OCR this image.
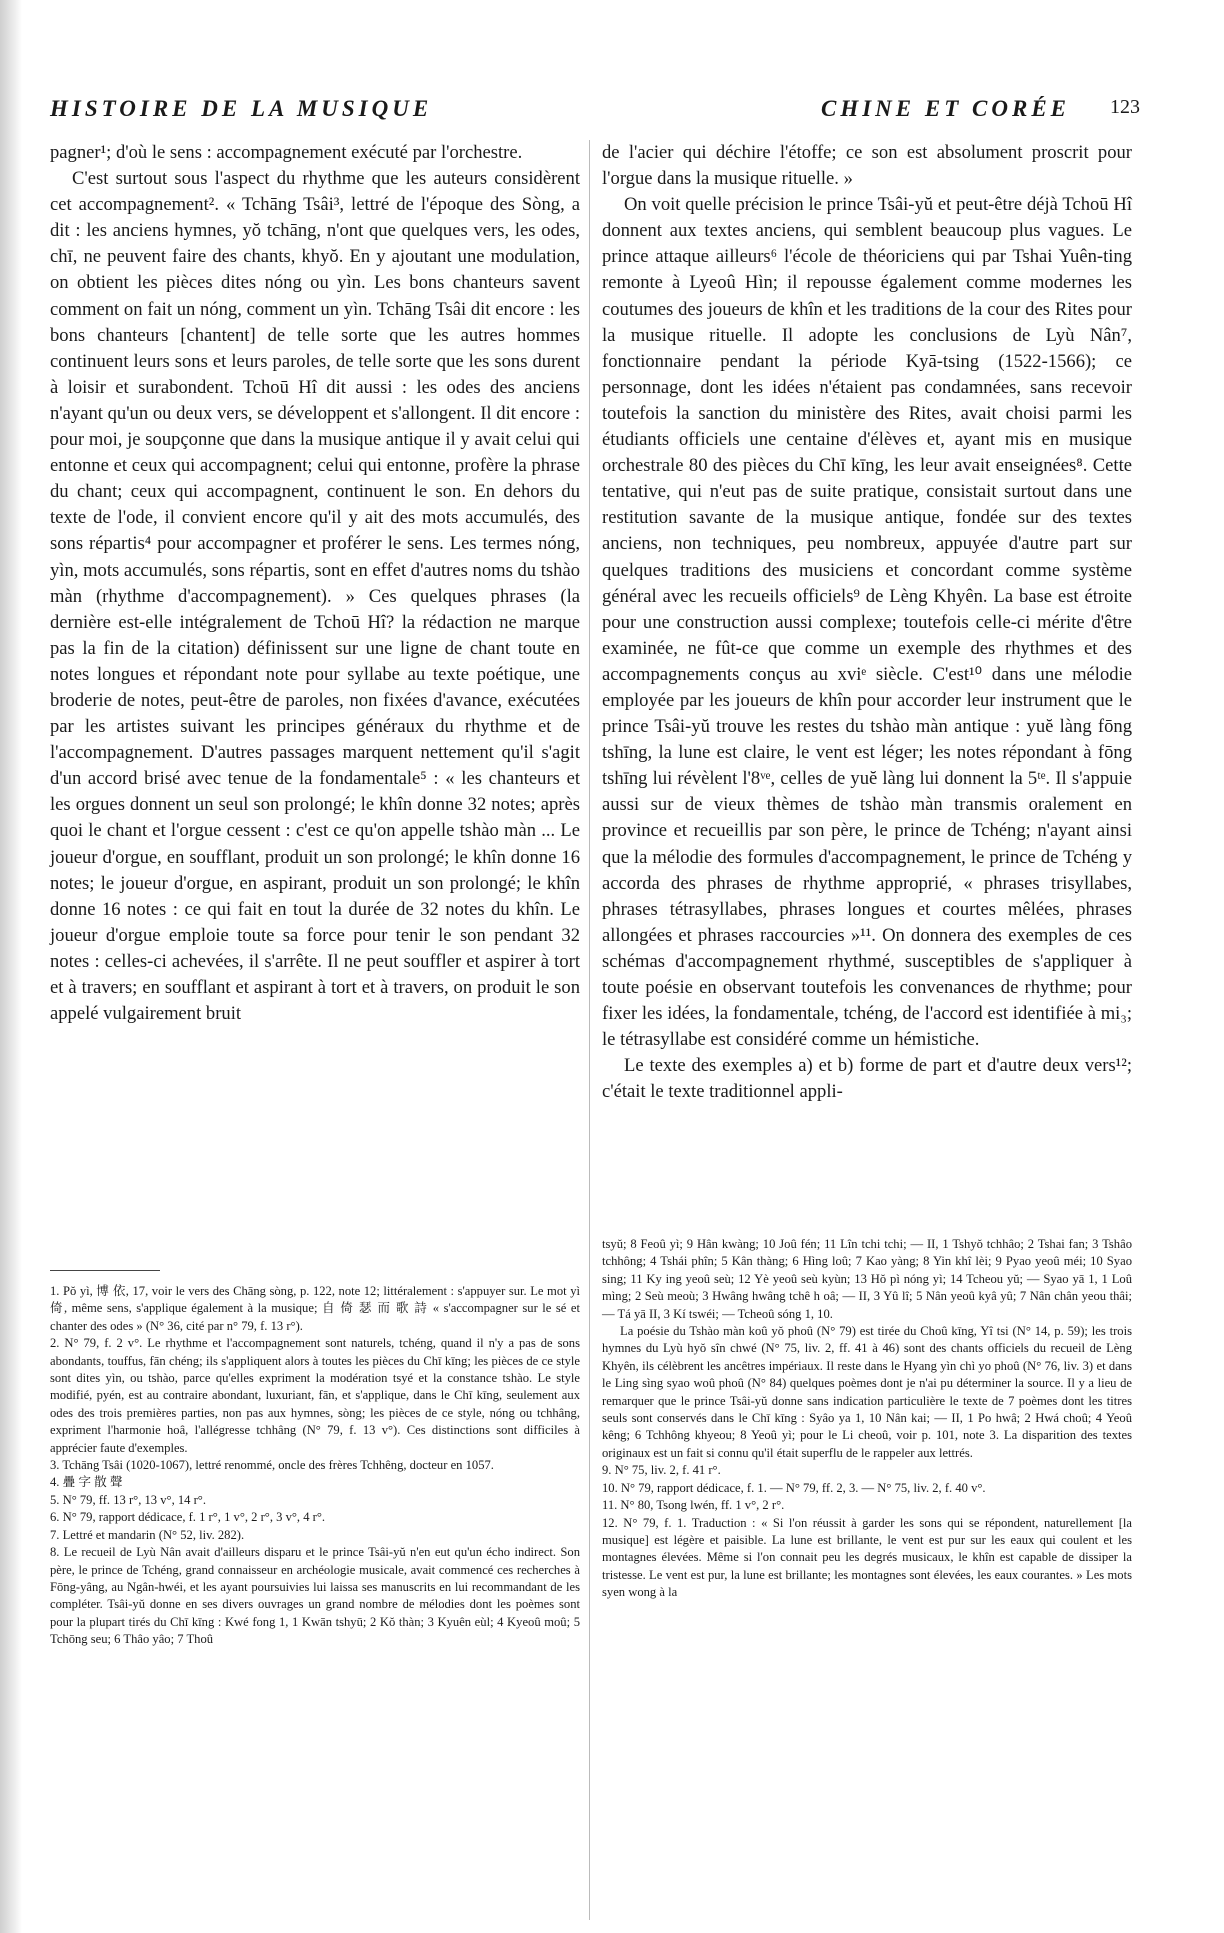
HISTOIRE DE LA MUSIQUE	CHINE ET CORÉE 123

pagner¹; d'où le sens : accompagnement exécuté par l'orchestre.

C'est surtout sous l'aspect du rhythme que les auteurs considèrent cet accompagnement². « Tchāng Tsâi³, lettré de l'époque des Sòng, a dit : les anciens hymnes, yŏ tchāng, n'ont que quelques vers, les odes, chī, ne peuvent faire des chants, khyŏ. En y ajoutant une modulation, on obtient les pièces dites nóng ou yìn. Les bons chanteurs savent comment on fait un nóng, comment un yìn. Tchāng Tsâi dit encore : les bons chanteurs [chantent] de telle sorte que les autres hommes continuent leurs sons et leurs paroles, de telle sorte que les sons durent à loisir et surabondent. Tchoū Hî dit aussi : les odes des anciens n'ayant qu'un ou deux vers, se développent et s'allongent. Il dit encore : pour moi, je soupçonne que dans la musique antique il y avait celui qui entonne et ceux qui accompagnent; celui qui entonne, profère la phrase du chant; ceux qui accompagnent, continuent le son. En dehors du texte de l'ode, il convient encore qu'il y ait des mots accumulés, des sons répartis⁴ pour accompagner et proférer le sens. Les termes nóng, yìn, mots accumulés, sons répartis, sont en effet d'autres noms du tshào màn (rhythme d'accompagnement). » Ces quelques phrases (la dernière est-elle intégralement de Tchoū Hî? la rédaction ne marque pas la fin de la citation) définissent sur une ligne de chant toute en notes longues et répondant note pour syllabe au texte poétique, une broderie de notes, peut-être de paroles, non fixées d'avance, exécutées par les artistes suivant les principes généraux du rhythme et de l'accompagnement. D'autres passages marquent nettement qu'il s'agit d'un accord brisé avec tenue de la fondamentale⁵ : « les chanteurs et les orgues donnent un seul son prolongé; le khîn donne 32 notes; après quoi le chant et l'orgue cessent : c'est ce qu'on appelle tshào màn ... Le joueur d'orgue, en soufflant, produit un son prolongé; le khîn donne 16 notes; le joueur d'orgue, en aspirant, produit un son prolongé; le khîn donne 16 notes : ce qui fait en tout la durée de 32 notes du khîn. Le joueur d'orgue emploie toute sa force pour tenir le son pendant 32 notes : celles-ci achevées, il s'arrête. Il ne peut souffler et aspirer à tort et à travers; en soufflant et aspirant à tort et à travers, on produit le son appelé vulgairement bruit

de l'acier qui déchire l'étoffe; ce son est absolument proscrit pour l'orgue dans la musique rituelle. »

On voit quelle précision le prince Tsâi-yŭ et peut-être déjà Tchoū Hî donnent aux textes anciens, qui semblent beaucoup plus vagues. Le prince attaque ailleurs⁶ l'école de théoriciens qui par Tshai Yuên-ting remonte à Lyeoû Hìn; il repousse également comme modernes les coutumes des joueurs de khîn et les traditions de la cour des Rites pour la musique rituelle. Il adopte les conclusions de Lyù Nân⁷, fonctionnaire pendant la période Kyā-tsing (1522-1566); ce personnage, dont les idées n'étaient pas condamnées, sans recevoir toutefois la sanction du ministère des Rites, avait choisi parmi les étudiants officiels une centaine d'élèves et, ayant mis en musique orchestrale 80 des pièces du Chī kīng, les leur avait enseignées⁸. Cette tentative, qui n'eut pas de suite pratique, consistait surtout dans une restitution savante de la musique antique, fondée sur des textes anciens, non techniques, peu nombreux, appuyée d'autre part sur quelques traditions des musiciens et concordant comme système général avec les recueils officiels⁹ de Lèng Khyên. La base est étroite pour une construction aussi complexe; toutefois celle-ci mérite d'être examinée, ne fût-ce que comme un exemple des rhythmes et des accompagnements conçus au xviᵉ siècle. C'est¹⁰ dans une mélodie employée par les joueurs de khîn pour accorder leur instrument que le prince Tsâi-yŭ trouve les restes du tshào màn antique : yuĕ làng fōng tshīng, la lune est claire, le vent est léger; les notes répondant à fōng tshīng lui révèlent l'8ᵛᵉ, celles de yuĕ làng lui donnent la 5ᵗᵉ. Il s'appuie aussi sur de vieux thèmes de tshào màn transmis oralement en province et recueillis par son père, le prince de Tchéng; n'ayant ainsi que la mélodie des formules d'accompagnement, le prince de Tchéng y accorda des phrases de rhythme approprié, « phrases trisyllabes, phrases tétrasyllabes, phrases longues et courtes mêlées, phrases allongées et phrases raccourcies »¹¹. On donnera des exemples de ces schémas d'accompagnement rhythmé, susceptibles de s'appliquer à toute poésie en observant toutefois les convenances de rhythme; pour fixer les idées, la fondamentale, tchéng, de l'accord est identifiée à mi₃; le tétrasyllabe est considéré comme un hémistiche.

Le texte des exemples a) et b) forme de part et d'autre deux vers¹²; c'était le texte traditionnel appli-

1. Pŏ yì, 博 依, 17, voir le vers des Chāng sòng, p. 122, note 12; littéralement : s'appuyer sur. Le mot yì 倚, même sens, s'applique également à la musique; 自 倚 瑟 而 歌 詩 « s'accompagner sur le sé et chanter des odes » (N° 36, cité par n° 79, f. 13 r°).

2. N° 79, f. 2 v°. Le rhythme et l'accompagnement sont naturels, tchéng, quand il n'y a pas de sons abondants, touffus, fān chéng; ils s'appliquent alors à toutes les pièces du Chī kīng; les pièces de ce style sont dites yìn, ou tshào, parce qu'elles expriment la modération tsyé et la constance tshào. Le style modifié, pyén, est au contraire abondant, luxuriant, fān, et s'applique, dans le Chī kīng, seulement aux odes des trois premières parties, non pas aux hymnes, sòng; les pièces de ce style, nóng ou tchhâng, expriment l'harmonie hoâ, l'allégresse tchhâng (N° 79, f. 13 v°). Ces distinctions sont difficiles à apprécier faute d'exemples.

3. Tchāng Tsâi (1020-1067), lettré renommé, oncle des frères Tchhêng, docteur en 1057.

4. 疊 字 散 聲

5. N° 79, ff. 13 r°, 13 v°, 14 r°.

6. N° 79, rapport dédicace, f. 1 r°, 1 v°, 2 r°, 3 v°, 4 r°.

7. Lettré et mandarin (N° 52, liv. 282).

8. Le recueil de Lyù Nân avait d'ailleurs disparu et le prince Tsâi-yŭ n'en eut qu'un écho indirect. Son père, le prince de Tchéng, grand connaisseur en archéologie musicale, avait commencé ces recherches à Fōng-yâng, au Ngân-hwéi, et les ayant poursuivies lui laissa ses manuscrits en lui recommandant de les compléter. Tsâi-yŭ donne en ses divers ouvrages un grand nombre de mélodies dont les poèmes sont pour la plupart tirés du Chī kīng : Kwé fong 1, 1 Kwān tshyū; 2 Kŏ thàn; 3 Kyuên eùl; 4 Kyeoû moû; 5 Tchōng seu; 6 Thâo yâo; 7 Thoû

tsyŭ; 8 Feoû yì; 9 Hân kwàng; 10 Joû fén; 11 Lîn tchi tchi; — II, 1 Tshyŏ tchhâo; 2 Tshai fan; 3 Tshâo tchhông; 4 Tshái phîn; 5 Kân thàng; 6 Hìng loû; 7 Kao yàng; 8 Yin khî lèi; 9 Pyao yeoû méi; 10 Syao sing; 11 Ky ing yeoû seù; 12 Yè yeoû seù kyùn; 13 Hŏ pì nóng yì; 14 Tcheou yŭ; — Syao yā 1, 1 Loû mìng; 2 Seù meoù; 3 Hwâng hwâng tchê h oâ; — II, 3 Yû lî; 5 Nân yeoû kyâ yû; 7 Nân chân yeou thâi; — Tá yā II, 3 Kí tswéi; — Tcheoû sóng 1, 10.

La poésie du Tshào màn koû yŏ phoû (N° 79) est tirée du Choû kīng, Yî tsi (N° 14, p. 59); les trois hymnes du Lyù hyŏ sîn chwé (N° 75, liv. 2, ff. 41 à 46) sont des chants officiels du recueil de Lèng Khyên, ils célèbrent les ancêtres impériaux. Il reste dans le Hyang yìn chì yo phoû (N° 76, liv. 3) et dans le Ling sìng syao woû phoû (N° 84) quelques poèmes dont je n'ai pu déterminer la source. Il y a lieu de remarquer que le prince Tsâi-yŭ donne sans indication particulière le texte de 7 poèmes dont les titres seuls sont conservés dans le Chī kīng : Syâo ya 1, 10 Nân kai; — II, 1 Po hwâ; 2 Hwá choû; 4 Yeoû kêng; 6 Tchhông khyeou; 8 Yeoû yì; pour le Li cheoû, voir p. 101, note 3. La disparition des textes originaux est un fait si connu qu'il était superflu de le rappeler aux lettrés.

9. N° 75, liv. 2, f. 41 r°.

10. N° 79, rapport dédicace, f. 1. — N° 79, ff. 2, 3. — N° 75, liv. 2, f. 40 v°.

11. N° 80, Tsong lwén, ff. 1 v°, 2 r°.

12. N° 79, f. 1. Traduction : « Si l'on réussit à garder les sons qui se répondent, naturellement [la musique] est légère et paisible. La lune est brillante, le vent est pur sur les eaux qui coulent et les montagnes élevées. Même si l'on connait peu les degrés musicaux, le khîn est capable de dissiper la tristesse. Le vent est pur, la lune est brillante; les montagnes sont élevées, les eaux courantes. » Les mots syen wong à la
